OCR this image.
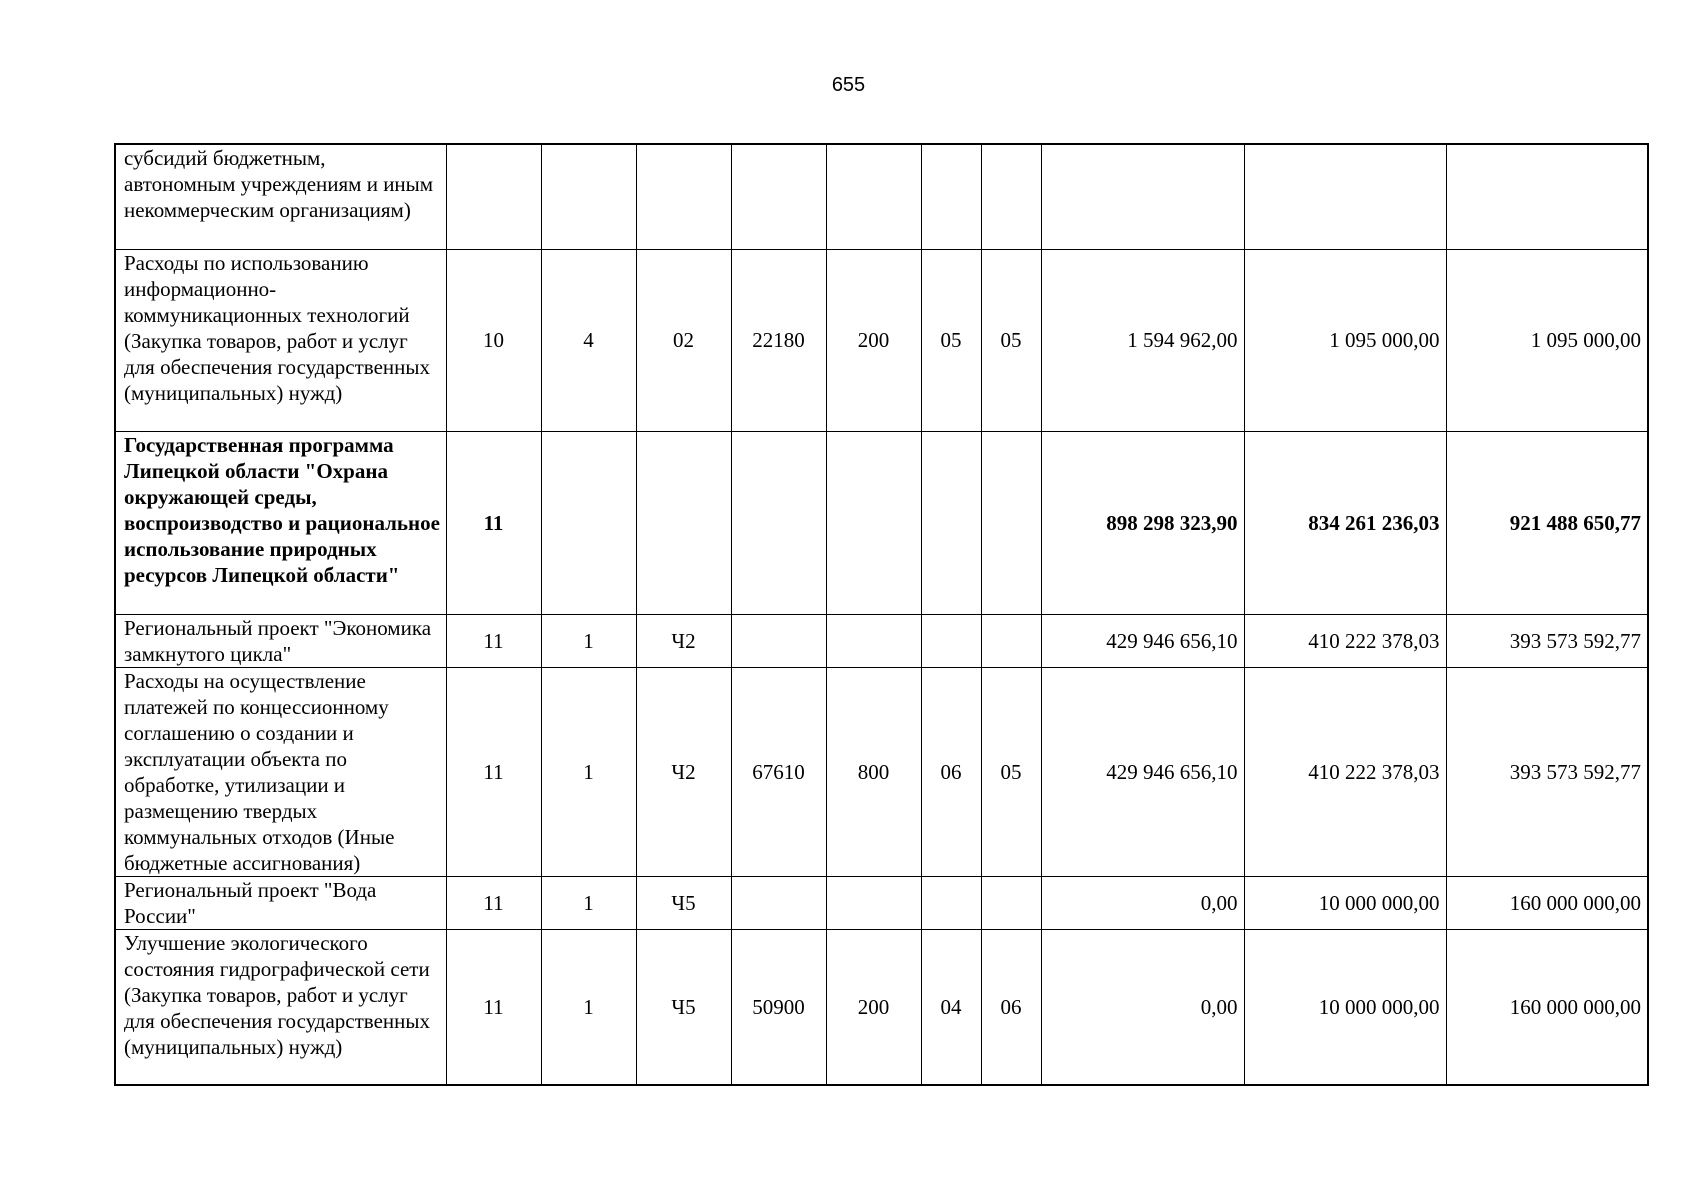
655
субсидий бюджетным, автономным учреждениям и иным некоммерческим организациям)										
Расходы по использованию информационно-коммуникационных технологий (Закупка товаров, работ и услуг для обеспечения государственных (муниципальных) нужд)	10	4	02	22180	200	05	05	1 594 962,00	1 095 000,00	1 095 000,00
Государственная программа Липецкой области "Охрана окружающей среды, воспроизводство и рациональное использование природных ресурсов Липецкой области"	11							898 298 323,90	834 261 236,03	921 488 650,77
Региональный проект "Экономика замкнутого цикла"	11	1	Ч2					429 946 656,10	410 222 378,03	393 573 592,77
Расходы на осуществление платежей по концессионному соглашению о создании и эксплуатации объекта по обработке, утилизации и размещению твердых коммунальных отходов (Иные бюджетные ассигнования)	11	1	Ч2	67610	800	06	05	429 946 656,10	410 222 378,03	393 573 592,77
Региональный проект "Вода России"	11	1	Ч5					0,00	10 000 000,00	160 000 000,00
Улучшение экологического состояния гидрографической сети (Закупка товаров, работ и услуг для обеспечения государственных (муниципальных) нужд)	11	1	Ч5	50900	200	04	06	0,00	10 000 000,00	160 000 000,00
